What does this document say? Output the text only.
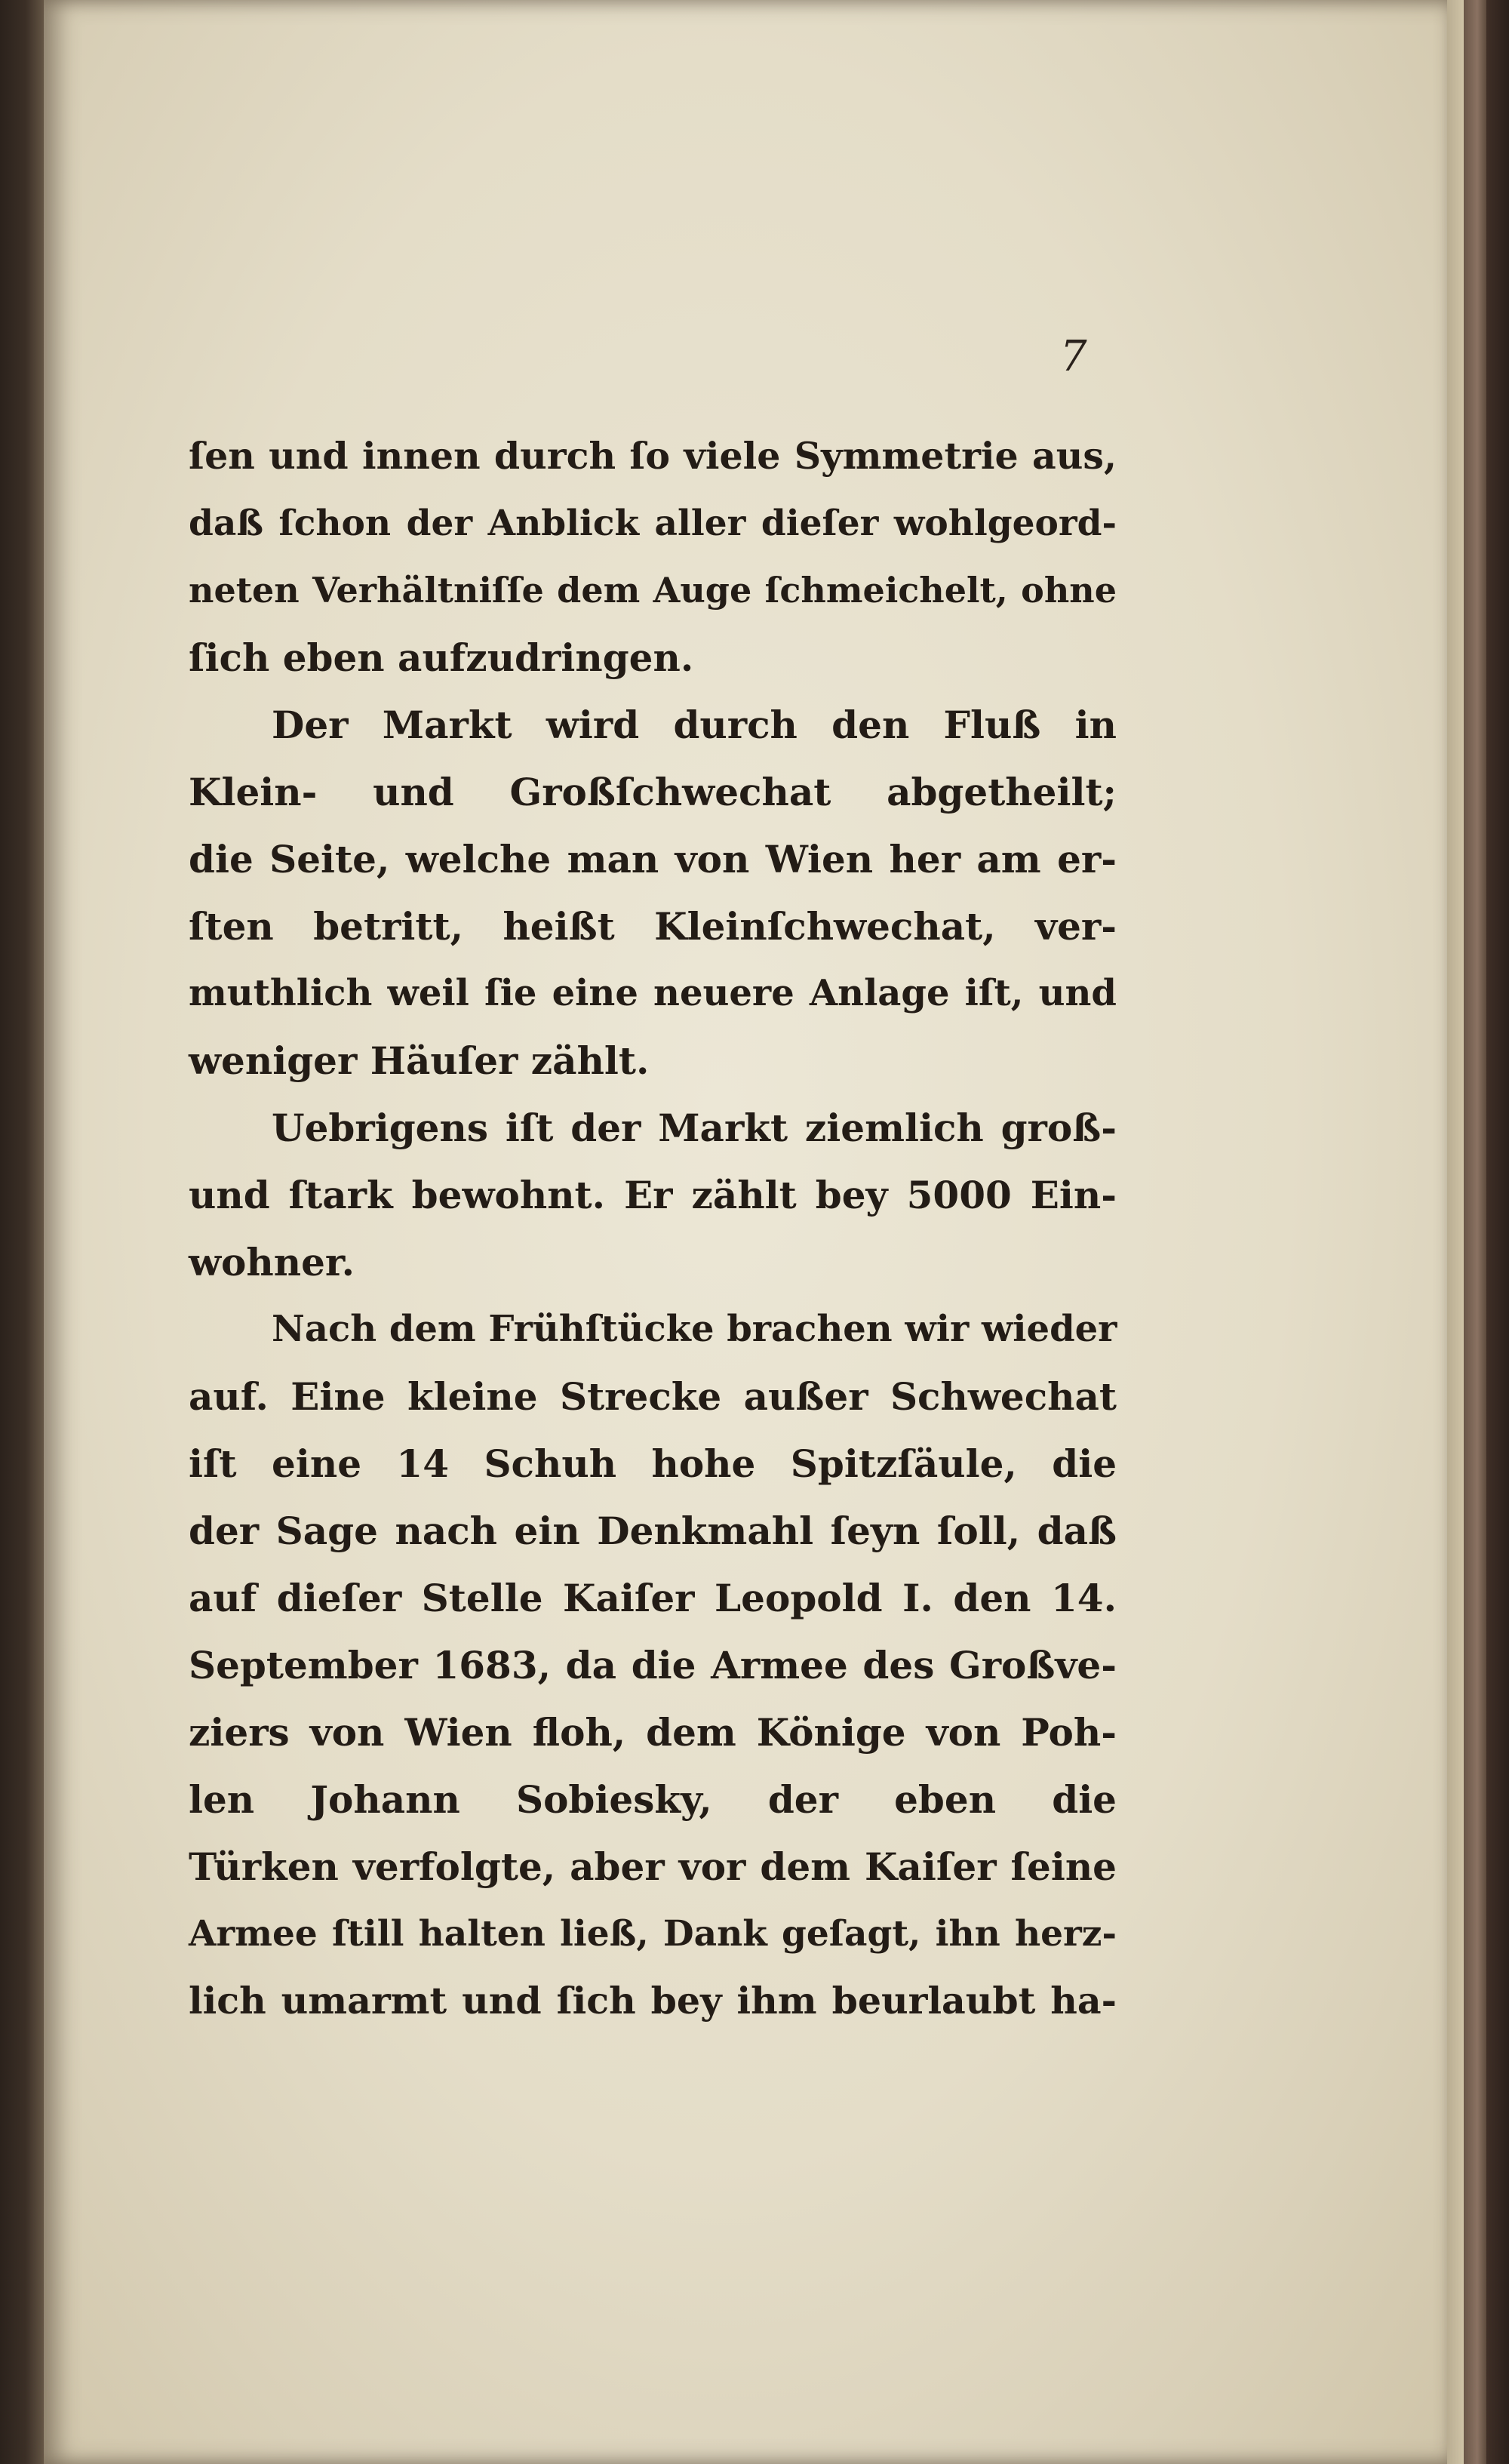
7
ſen und innen durch ſo viele Symmetrie aus,
daß ſchon der Anblick aller dieſer wohlgeord-
neten Verhältniſſe dem Auge ſchmeichelt, ohne
ſich eben aufzudringen.
Der Markt wird durch den Fluß in
Klein- und Großſchwechat abgetheilt;
die Seite, welche man von Wien her am er-
ſten betritt, heißt Kleinſchwechat, ver-
muthlich weil ſie eine neuere Anlage iſt, und
weniger Häuſer zählt.
Uebrigens iſt der Markt ziemlich groß-
und ſtark bewohnt. Er zählt bey 5000 Ein-
wohner.
Nach dem Frühſtücke brachen wir wieder
auf. Eine kleine Strecke außer Schwechat
iſt eine 14 Schuh hohe Spitzſäule, die
der Sage nach ein Denkmahl ſeyn ſoll, daß
auf dieſer Stelle Kaiſer Leopold I. den 14.
September 1683, da die Armee des Großve-
ziers von Wien floh, dem Könige von Poh-
len Johann Sobiesky, der eben die
Türken verfolgte, aber vor dem Kaiſer ſeine
Armee ſtill halten ließ, Dank geſagt, ihn herz-
lich umarmt und ſich bey ihm beurlaubt ha-
